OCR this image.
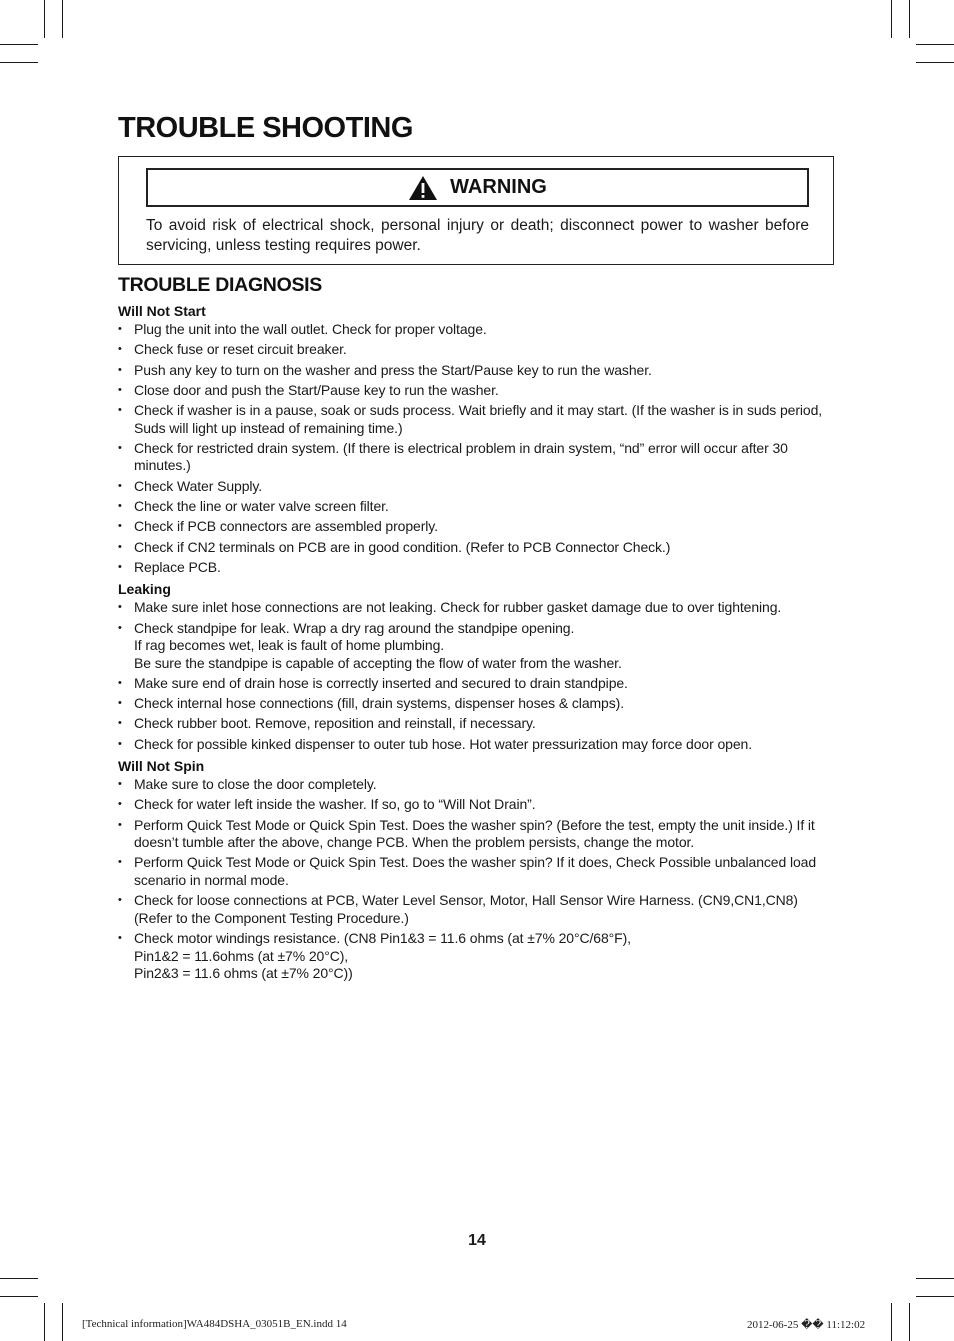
TROUBLE SHOOTING
WARNING
To avoid risk of electrical shock, personal injury or death; disconnect power to washer before servicing, unless testing requires power.
TROUBLE DIAGNOSIS

Will Not Start

• Plug the unit into the wall outlet. Check for proper voltage.
• Check fuse or reset circuit breaker.
• Push any key to turn on the washer and press the Start/Pause key to run the washer.
• Close door and push the Start/Pause key to run the washer.
• Check if washer is in a pause, soak or suds process. Wait briefly and it may start. (If the washer is in suds period, Suds will light up instead of remaining time.)
• Check for restricted drain system. (If there is electrical problem in drain system, “nd” error will occur after 30 minutes.)
• Check Water Supply.
• Check the line or water valve screen filter.
• Check if PCB connectors are assembled properly.
• Check if CN2 terminals on PCB are in good condition. (Refer to PCB Connector Check.)
• Replace PCB.

Leaking

• Make sure inlet hose connections are not leaking. Check for rubber gasket damage due to over tightening.
• Check standpipe for leak. Wrap a dry rag around the standpipe opening.
If rag becomes wet, leak is fault of home plumbing.
Be sure the standpipe is capable of accepting the flow of water from the washer.
• Make sure end of drain hose is correctly inserted and secured to drain standpipe.
• Check internal hose connections (fill, drain systems, dispenser hoses & clamps).
• Check rubber boot. Remove, reposition and reinstall, if necessary.
• Check for possible kinked dispenser to outer tub hose. Hot water pressurization may force door open.

Will Not Spin

• Make sure to close the door completely.
• Check for water left inside the washer. If so, go to “Will Not Drain”.
• Perform Quick Test Mode or Quick Spin Test. Does the washer spin? (Before the test, empty the unit inside.) If it doesn’t tumble after the above, change PCB. When the problem persists, change the motor.
• Perform Quick Test Mode or Quick Spin Test. Does the washer spin? If it does, Check Possible unbalanced load scenario in normal mode.
• Check for loose connections at PCB, Water Level Sensor, Motor, Hall Sensor Wire Harness. (CN9,CN1,CN8)
(Refer to the Component Testing Procedure.)
• Check motor windings resistance. (CN8 Pin1&3 = 11.6 ohms (at ±7% 20°C/68°F),
Pin1&2 = 11.6ohms (at ±7% 20°C),
Pin2&3 = 11.6 ohms (at ±7% 20°C))
14
[Technical information]WA484DSHA_03051B_EN.indd 14	2012-06-25 �� 11:12:02
